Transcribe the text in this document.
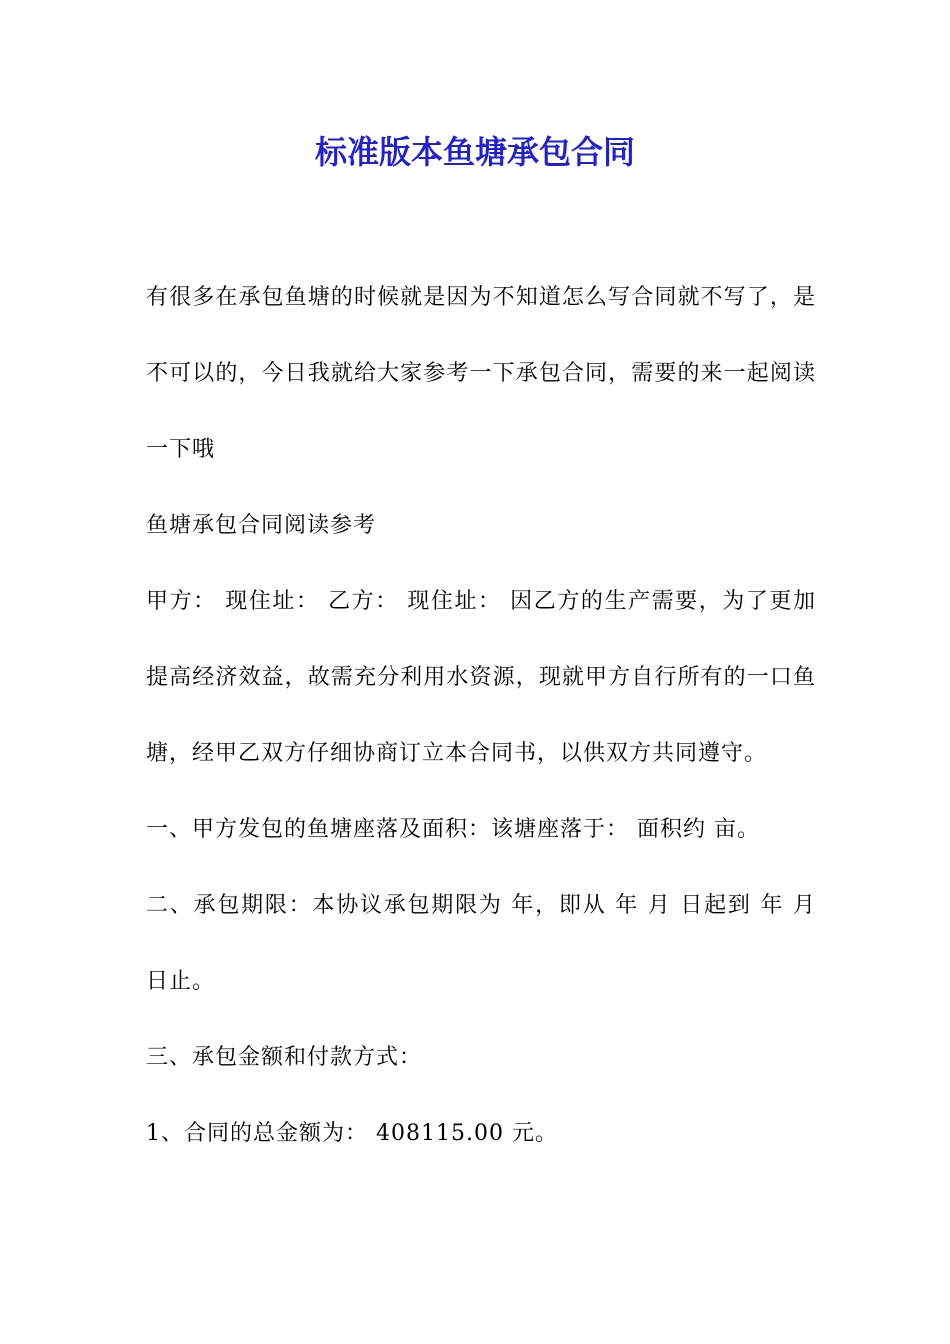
标准版本鱼塘承包合同

有很多在承包鱼塘的时候就是因为不知道怎么写合同就不写了，是不可以的，今日我就给大家参考一下承包合同，需要的来一起阅读一下哦

鱼塘承包合同阅读参考

甲方： 现住址： 乙方： 现住址： 因乙方的生产需要，为了更加提高经济效益，故需充分利用水资源，现就甲方自行所有的一口鱼塘，经甲乙双方仔细协商订立本合同书，以供双方共同遵守。

一、甲方发包的鱼塘座落及面积：该塘座落于： 面积约 亩。

二、承包期限：本协议承包期限为 年，即从 年 月 日起到 年 月 日止。

三、承包金额和付款方式：

1、合同的总金额为： 408115.00 元。
